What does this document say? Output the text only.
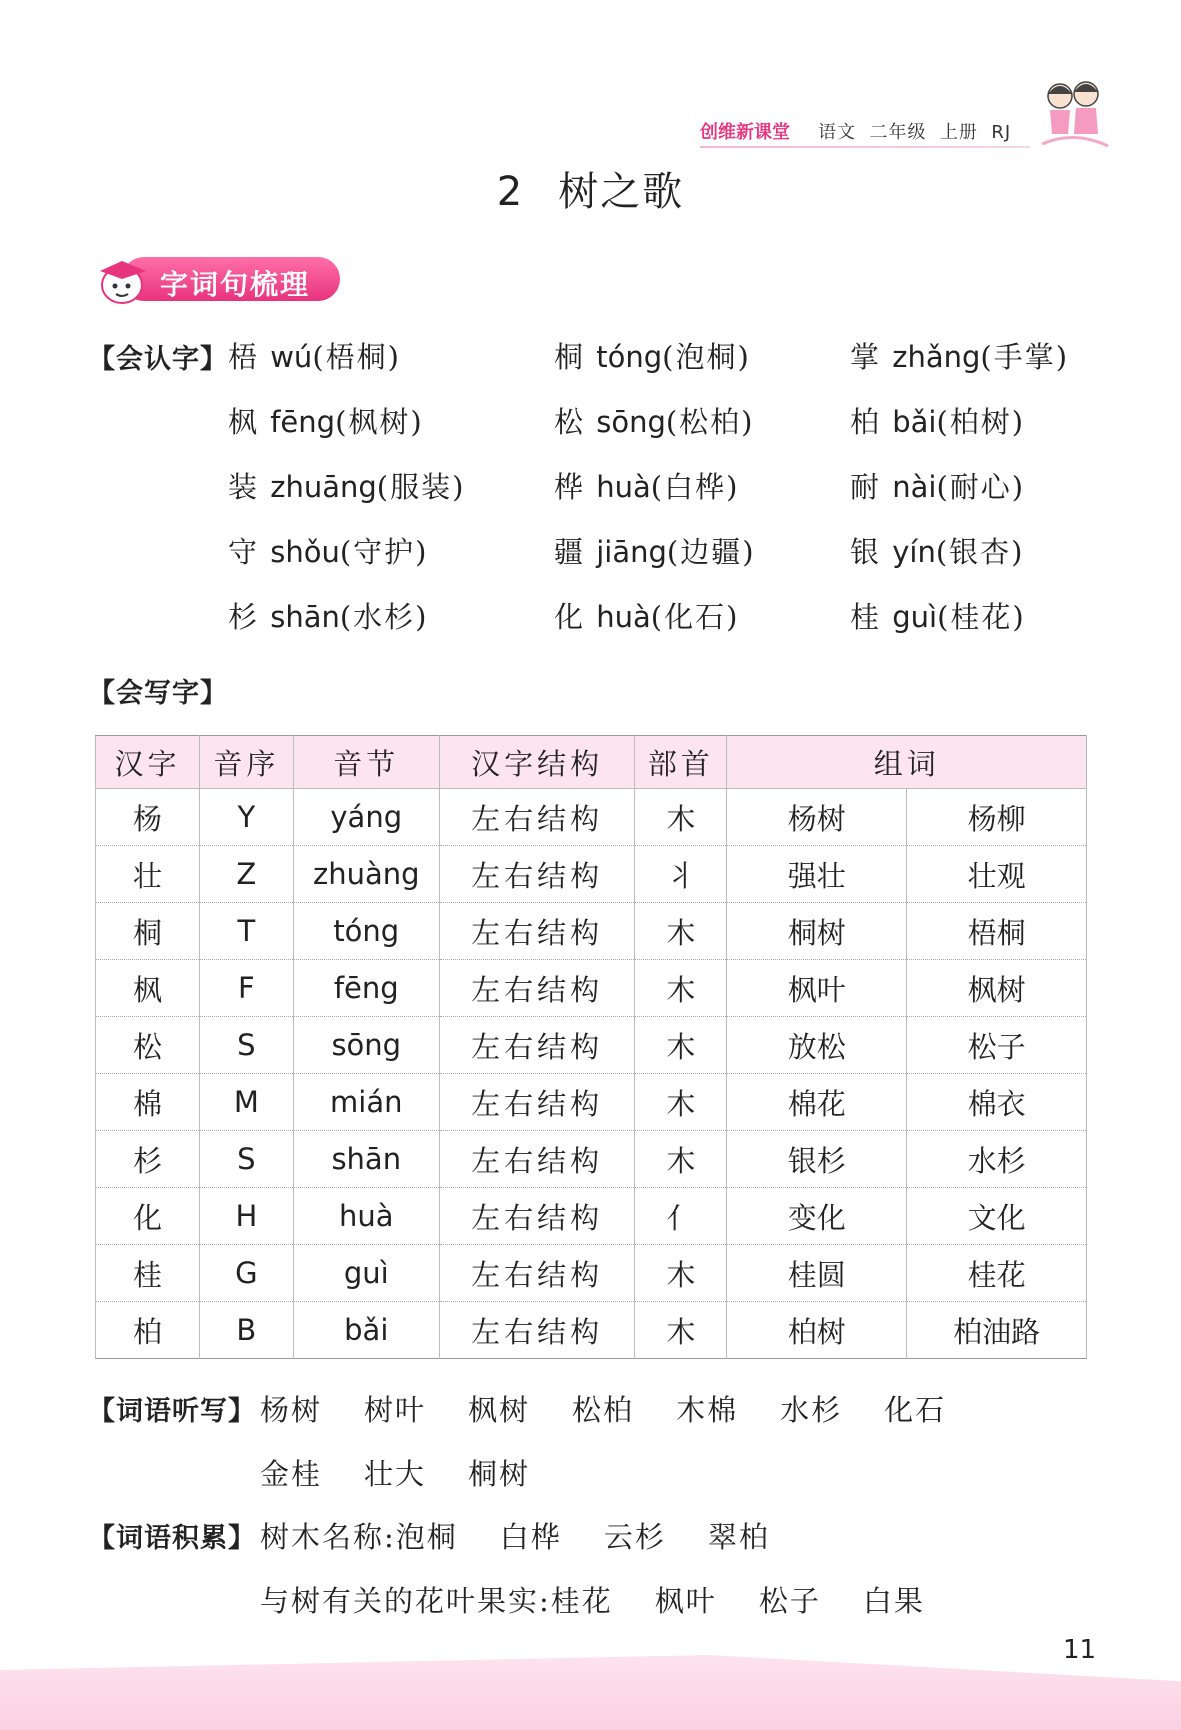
创维新课堂 语文  二年级  上册  RJ
2 树之歌
字词句梳理
【会认字】 梧 wú(梧桐)	桐 tóng(泡桐)	掌 zhǎng(手掌)
枫 fēng(枫树)	松 sōng(松柏)	柏 bǎi(柏树)
装 zhuāng(服装)	桦 huà(白桦)	耐 nài(耐心)
守 shǒu(守护)	疆 jiāng(边疆)	银 yín(银杏)
杉 shān(水杉)	化 huà(化石)	桂 guì(桂花)
【会写字】
汉字	音序	音节	汉字结构	部首	组词	
杨	Y	yáng	左右结构	木	杨树	杨柳
壮	Z	zhuàng	左右结构	丬	强壮	壮观
桐	T	tóng	左右结构	木	桐树	梧桐
枫	F	fēng	左右结构	木	枫叶	枫树
松	S	sōng	左右结构	木	放松	松子
棉	M	mián	左右结构	木	棉花	棉衣
杉	S	shān	左右结构	木	银杉	水杉
化	H	huà	左右结构	亻	变化	文化
桂	G	guì	左右结构	木	桂圆	桂花
柏	B	bǎi	左右结构	木	柏树	柏油路
【词语听写】 杨树 树叶 枫树 松柏 木棉 水杉 化石
金桂 壮大 桐树
【词语积累】 树木名称:泡桐 白桦 云杉 翠柏
与树有关的花叶果实:桂花 枫叶 松子 白果
11
